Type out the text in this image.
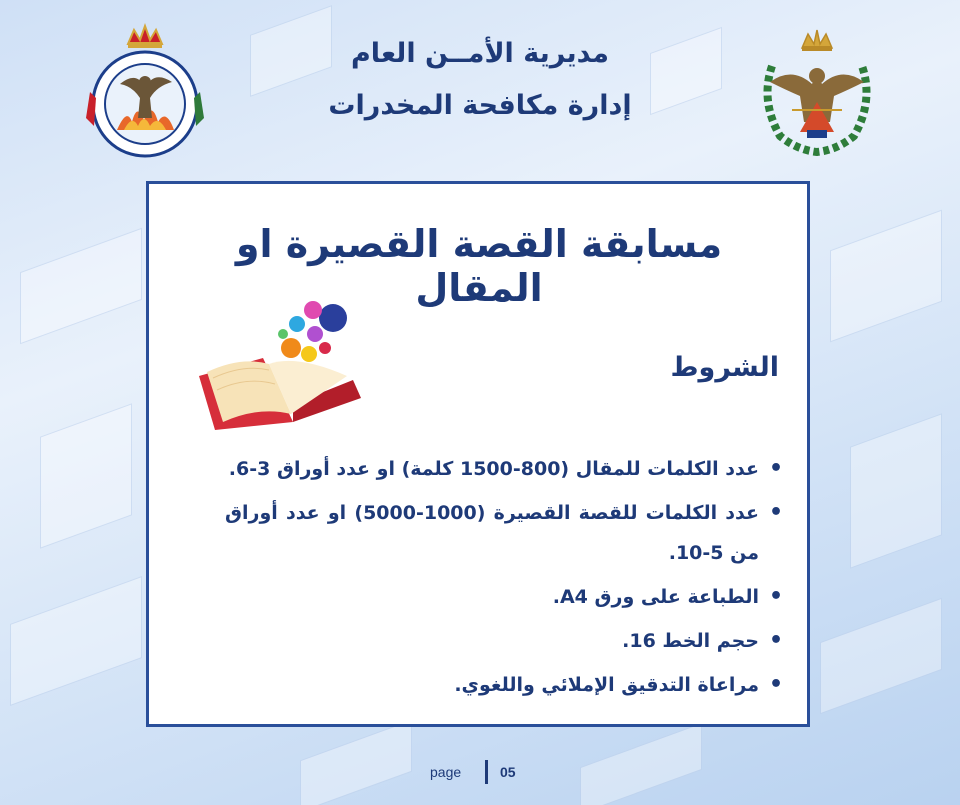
مديرية الأمــن العام
إدارة مكافحة المخدرات
مسابقة القصة القصيرة او المقال
الشروط
• عدد الكلمات للمقال (800-1500 كلمة) او عدد أوراق 3-6.
• عدد الكلمات للقصة القصيرة (1000-5000) او عدد أوراق من 5-10.
• الطباعة على ورق A4.
• حجم الخط 16.
• مراعاة التدقيق الإملائي واللغوي.
page	05
